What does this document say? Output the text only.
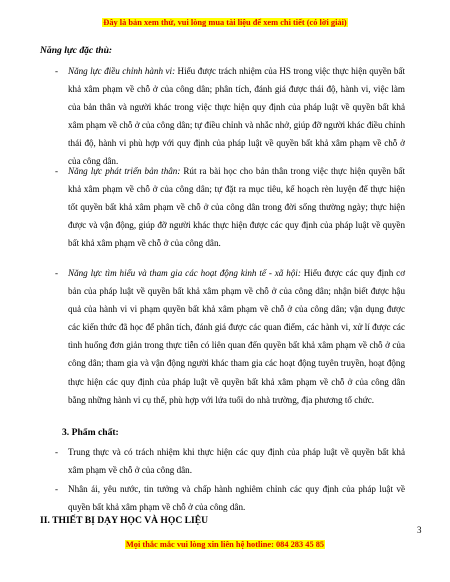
Đây là bản xem thử, vui lòng mua tài liệu để xem chi tiết (có lời giải)
Năng lực đặc thù:
- Năng lực điều chỉnh hành vi: Hiểu được trách nhiệm của HS trong việc thực hiện quyền bất khả xâm phạm về chỗ ở của công dân; phân tích, đánh giá được thái độ, hành vi, việc làm của bản thân và người khác trong việc thực hiện quy định của pháp luật về quyền bất khả xâm phạm về chỗ ở của công dân; tự điều chỉnh và nhắc nhở, giúp đỡ người khác điều chỉnh thái độ, hành vi phù hợp với quy định của pháp luật về quyền bất khả xâm phạm về chỗ ở của công dân.
- Năng lực phát triển bản thân: Rút ra bài học cho bản thân trong việc thực hiện quyền bất khả xâm phạm về chỗ ở của công dân; tự đặt ra mục tiêu, kế hoạch rèn luyện để thực hiện tốt quyền bất khả xâm phạm về chỗ ở của công dân trong đời sống thường ngày; thực hiện được và vận động, giúp đỡ người khác thực hiện được các quy định của pháp luật về quyền bất khả xâm phạm về chỗ ở của công dân.
- Năng lực tìm hiểu và tham gia các hoạt động kinh tế - xã hội: Hiểu được các quy định cơ bản của pháp luật về quyền bất khả xâm phạm về chỗ ở của công dân; nhận biết được hậu quả của hành vi vi phạm quyền bất khả xâm phạm về chỗ ở của công dân; vận dụng được các kiến thức đã học để phân tích, đánh giá được các quan điểm, các hành vi, xử lí được các tình huống đơn giản trong thực tiễn có liên quan đến quyền bất khả xâm phạm về chỗ ở của công dân; tham gia và vận động người khác tham gia các hoạt động tuyên truyền, hoạt động thực hiện các quy định của pháp luật về quyền bất khả xâm phạm về chỗ ở của công dân bằng những hành vi cụ thể, phù hợp với lứa tuổi do nhà trường, địa phương tổ chức.
3. Phẩm chất:
- Trung thực và có trách nhiệm khi thực hiện các quy định của pháp luật về quyền bất khả xâm phạm về chỗ ở của công dân.
- Nhân ái, yêu nước, tin tưởng và chấp hành nghiêm chỉnh các quy định của pháp luật về quyền bất khả xâm phạm về chỗ ở của công dân.
3
II. THIẾT BỊ DẠY HỌC VÀ HỌC LIỆU
Mọi thắc mắc vui lòng xin liên hệ hotline: 084 283 45 85
